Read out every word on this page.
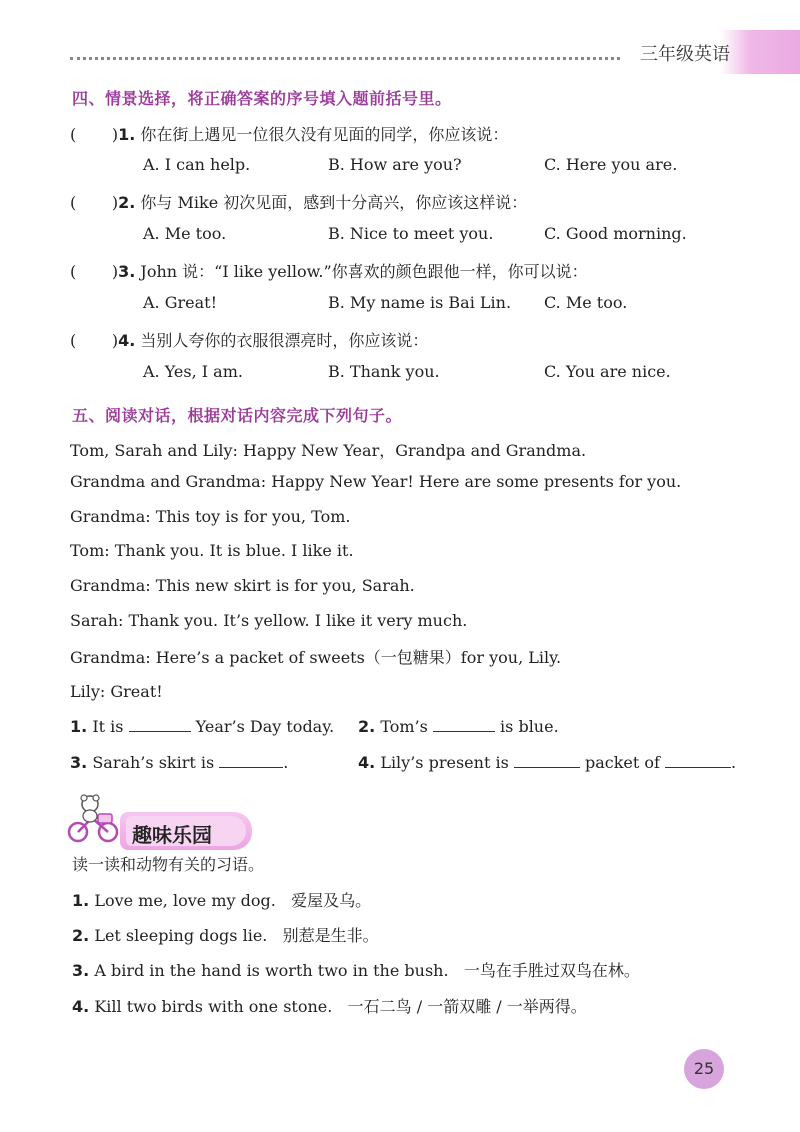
三年级英语
四、情景选择，将正确答案的序号填入题前括号里。
(       )1. 你在街上遇见一位很久没有见面的同学，你应该说：
A. I can help.	B. How are you?	C. Here you are.
(       )2. 你与 Mike 初次见面，感到十分高兴，你应该这样说：
A. Me too.	B. Nice to meet you.	C. Good morning.
(       )3. John 说：“I like yellow.”你喜欢的颜色跟他一样，你可以说：
A. Great!	B. My name is Bai Lin. C. Me too.
(       )4. 当别人夸你的衣服很漂亮时，你应该说：
A. Yes, I am.	B. Thank you.	C. You are nice.
五、阅读对话，根据对话内容完成下列句子。
Tom, Sarah and Lily: Happy New Year，Grandpa and Grandma.
Grandma and Grandma: Happy New Year! Here are some presents for you.
Grandma: This toy is for you, Tom.
Tom: Thank you. It is blue. I like it.
Grandma: This new skirt is for you, Sarah.
Sarah: Thank you. It’s yellow. I like it very much.
Grandma: Here’s a packet of sweets（一包糖果）for you, Lily.
Lily: Great!
1. It is	Year’s Day today. 2. Tom’s	is blue.
3. Sarah’s skirt is	.	4. Lily’s present is	packet of	.
趣味乐园
读一读和动物有关的习语。
1. Love me, love my dog. 爱屋及乌。
2. Let sleeping dogs lie. 别惹是生非。
3. A bird in the hand is worth two in the bush. 一鸟在手胜过双鸟在林。
4. Kill two birds with one stone. 一石二鸟 / 一箭双雕 / 一举两得。
25
